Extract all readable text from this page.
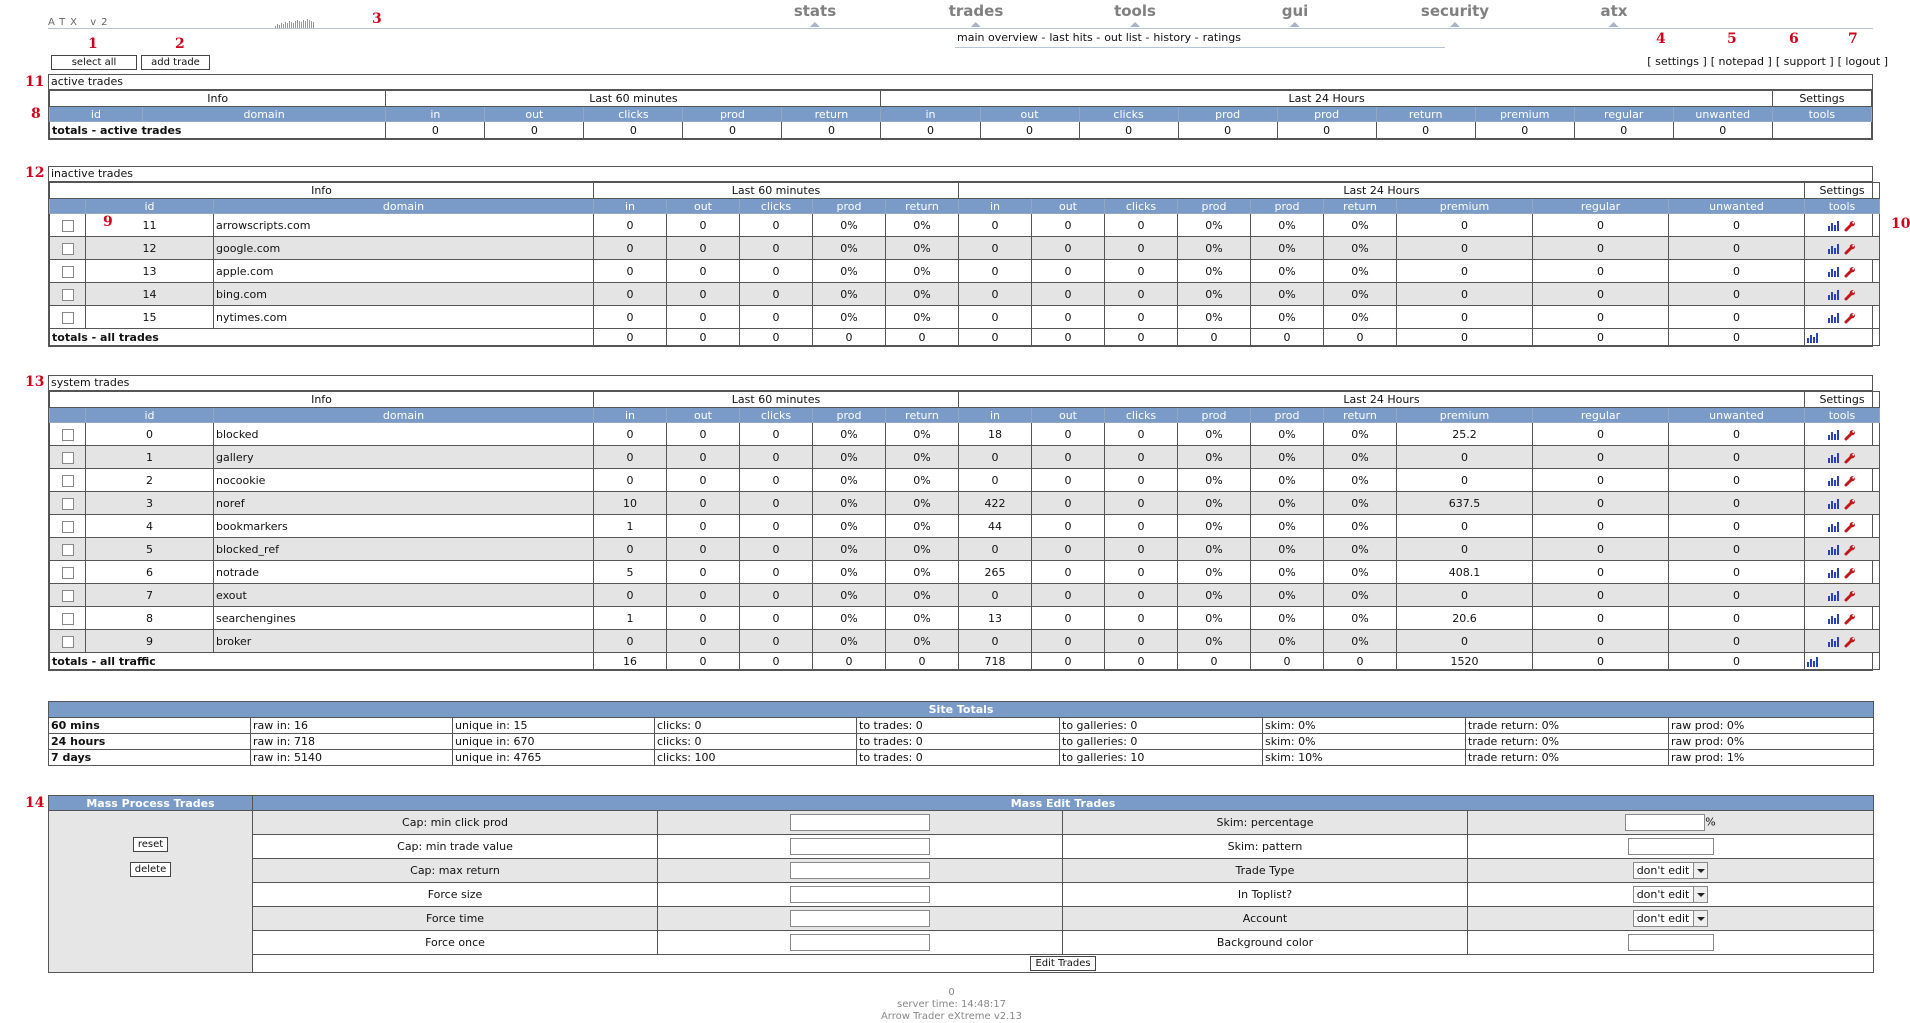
ATX v2
stats	trades	tools	gui	security	atx
main overview - last hits - out list - history - ratings
select all	add trade	[ settings ] [ notepad ] [ support ] [ logout ]
1	2
3
4	5	6	7
8
9	10
11
12
13
14
active trades
Info		Last 60 minutes					Last 24 Hours									Settings
id	domain	in	out	clicks	prod	return	in	out	clicks	prod	prod	return	premium	regular	unwanted	tools
totals - active trades		0	0	0	0	0	0	0	0	0	0	0	0	0	0	
inactive trades
Info			Last 60 minutes					Last 24 Hours									Settings
	id	domain	in	out	clicks	prod	return	in	out	clicks	prod	prod	return	premium	regular	unwanted	tools
	11	arrowscripts.com	0	0	0	0%	0%	0	0	0	0%	0%	0%	0	0	0	

	12	google.com	0	0	0	0%	0%	0	0	0	0%	0%	0%	0	0	0	

	13	apple.com	0	0	0	0%	0%	0	0	0	0%	0%	0%	0	0	0	

	14	bing.com	0	0	0	0%	0%	0	0	0	0%	0%	0%	0	0	0	

	15	nytimes.com	0	0	0	0%	0%	0	0	0	0%	0%	0%	0	0	0	

totals - all trades			0	0	0	0	0	0	0	0	0	0	0	0	0	0	
system trades
Info			Last 60 minutes					Last 24 Hours									Settings
	id	domain	in	out	clicks	prod	return	in	out	clicks	prod	prod	return	premium	regular	unwanted	tools
	0	blocked	0	0	0	0%	0%	18	0	0	0%	0%	0%	25.2	0	0	

	1	gallery	0	0	0	0%	0%	0	0	0	0%	0%	0%	0	0	0	

	2	nocookie	0	0	0	0%	0%	0	0	0	0%	0%	0%	0	0	0	

	3	noref	10	0	0	0%	0%	422	0	0	0%	0%	0%	637.5	0	0	

	4	bookmarkers	1	0	0	0%	0%	44	0	0	0%	0%	0%	0	0	0	

	5	blocked_ref	0	0	0	0%	0%	0	0	0	0%	0%	0%	0	0	0	

	6	notrade	5	0	0	0%	0%	265	0	0	0%	0%	0%	408.1	0	0	

	7	exout	0	0	0	0%	0%	0	0	0	0%	0%	0%	0	0	0	

	8	searchengines	1	0	0	0%	0%	13	0	0	0%	0%	0%	20.6	0	0	

	9	broker	0	0	0	0%	0%	0	0	0	0%	0%	0%	0	0	0	

totals - all traffic			16	0	0	0	0	718	0	0	0	0	0	1520	0	0	
Site Totals								
60 mins	raw in: 16	unique in: 15	clicks: 0	to trades: 0	to galleries: 0	skim: 0%	trade return: 0%	raw prod: 0%
24 hours	raw in: 718	unique in: 670	clicks: 0	to trades: 0	to galleries: 0	skim: 0%	trade return: 0%	raw prod: 0%
7 days	raw in: 5140	unique in: 4765	clicks: 100	to trades: 0	to galleries: 10	skim: 10%	trade return: 0%	raw prod: 1%
Mass Process Trades	Mass Edit Trades			

reset
delete	Cap: min click prod		Skim: percentage	%
	Cap: min trade value		Skim: pattern	
	Cap: max return		Trade Type	don't edit

	Force size		In Toplist?	don't edit

	Force time		Account	don't edit

	Force once		Background color	
	Edit Trades			
0
server time: 14:48:17
Arrow Trader eXtreme v2.13
